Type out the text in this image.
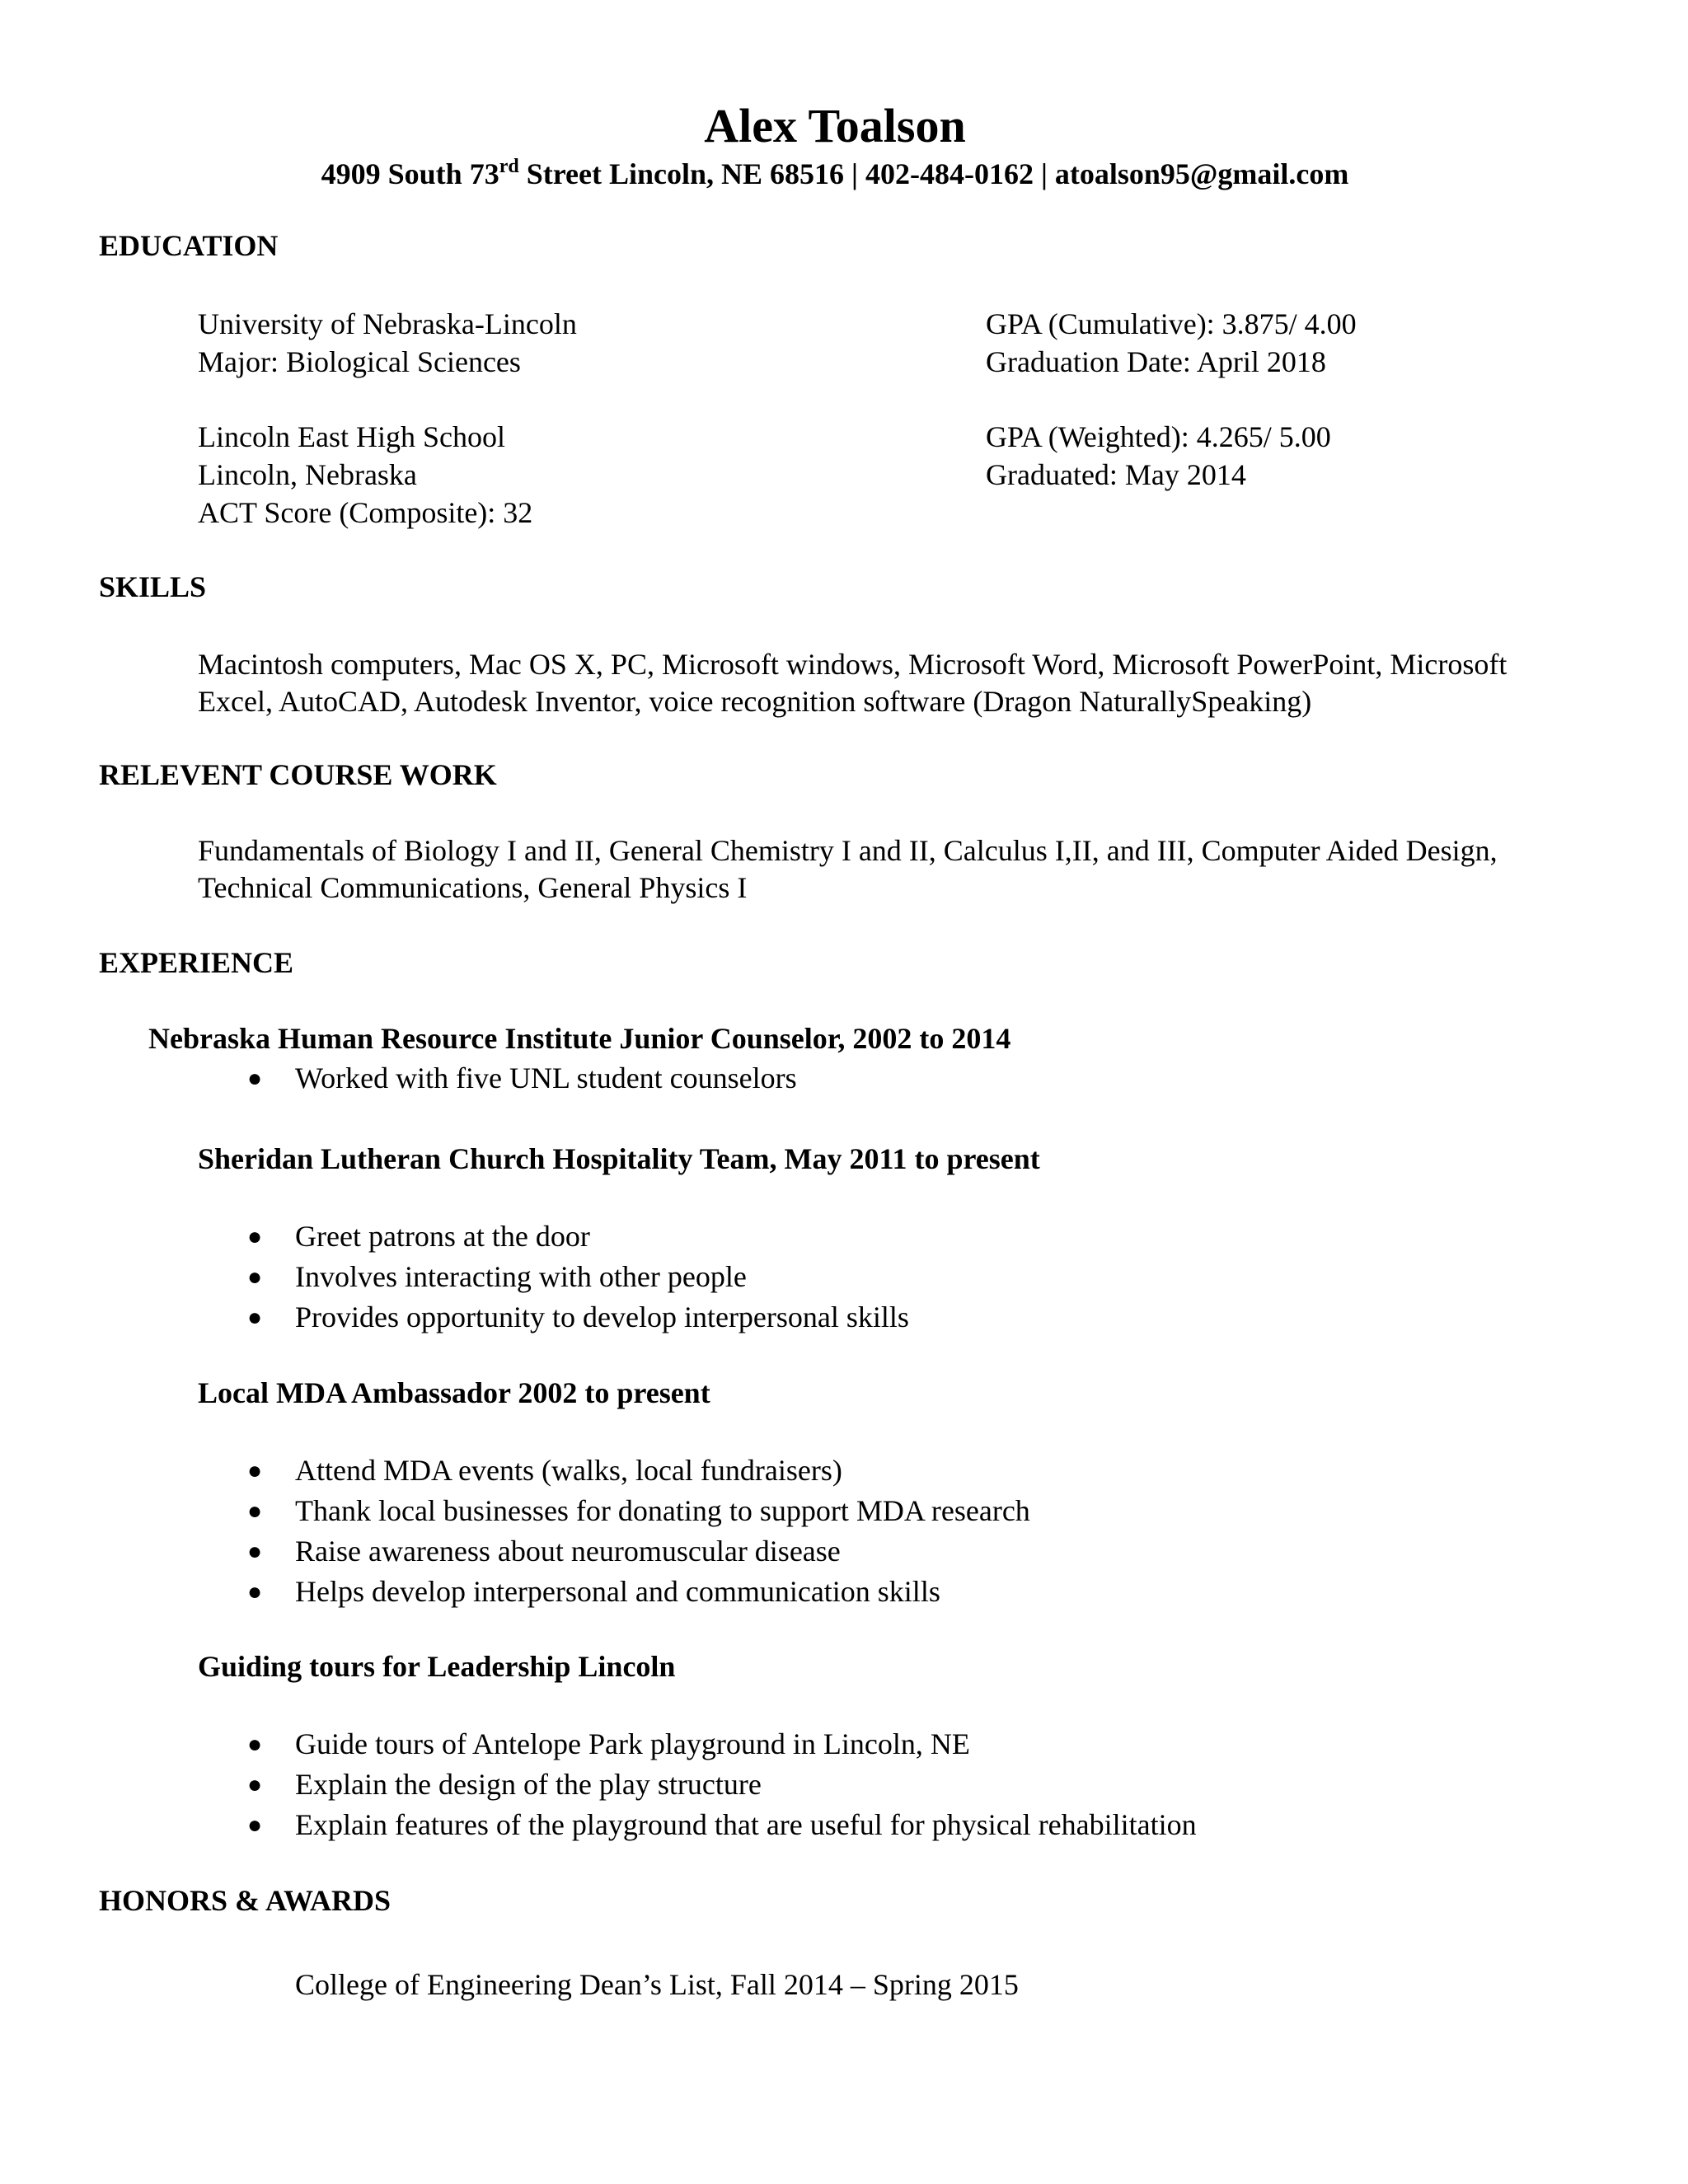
Alex Toalson
4909 South 73rd Street Lincoln, NE 68516 | 402-484-0162 | atoalson95@gmail.com
EDUCATION
University of Nebraska-Lincoln
Major: Biological Sciences
GPA (Cumulative): 3.875/ 4.00
Graduation Date: April 2018
Lincoln East High School
Lincoln, Nebraska
ACT Score (Composite): 32
GPA (Weighted): 4.265/ 5.00
Graduated: May 2014
SKILLS
Macintosh computers, Mac OS X, PC, Microsoft windows, Microsoft Word, Microsoft PowerPoint, Microsoft Excel, AutoCAD, Autodesk Inventor, voice recognition software (Dragon NaturallySpeaking)
RELEVENT COURSE WORK
Fundamentals of Biology I and II, General Chemistry I and II, Calculus I,II, and III, Computer Aided Design, Technical Communications, General Physics I
EXPERIENCE
Nebraska Human Resource Institute Junior Counselor, 2002 to 2014
● Worked with five UNL student counselors
Sheridan Lutheran Church Hospitality Team, May 2011 to present
● Greet patrons at the door
● Involves interacting with other people
● Provides opportunity to develop interpersonal skills
Local MDA Ambassador 2002 to present
● Attend MDA events (walks, local fundraisers)
● Thank local businesses for donating to support MDA research
● Raise awareness about neuromuscular disease
● Helps develop interpersonal and communication skills
Guiding tours for Leadership Lincoln
● Guide tours of Antelope Park playground in Lincoln, NE
● Explain the design of the play structure
● Explain features of the playground that are useful for physical rehabilitation
HONORS & AWARDS
College of Engineering Dean’s List, Fall 2014 – Spring 2015
